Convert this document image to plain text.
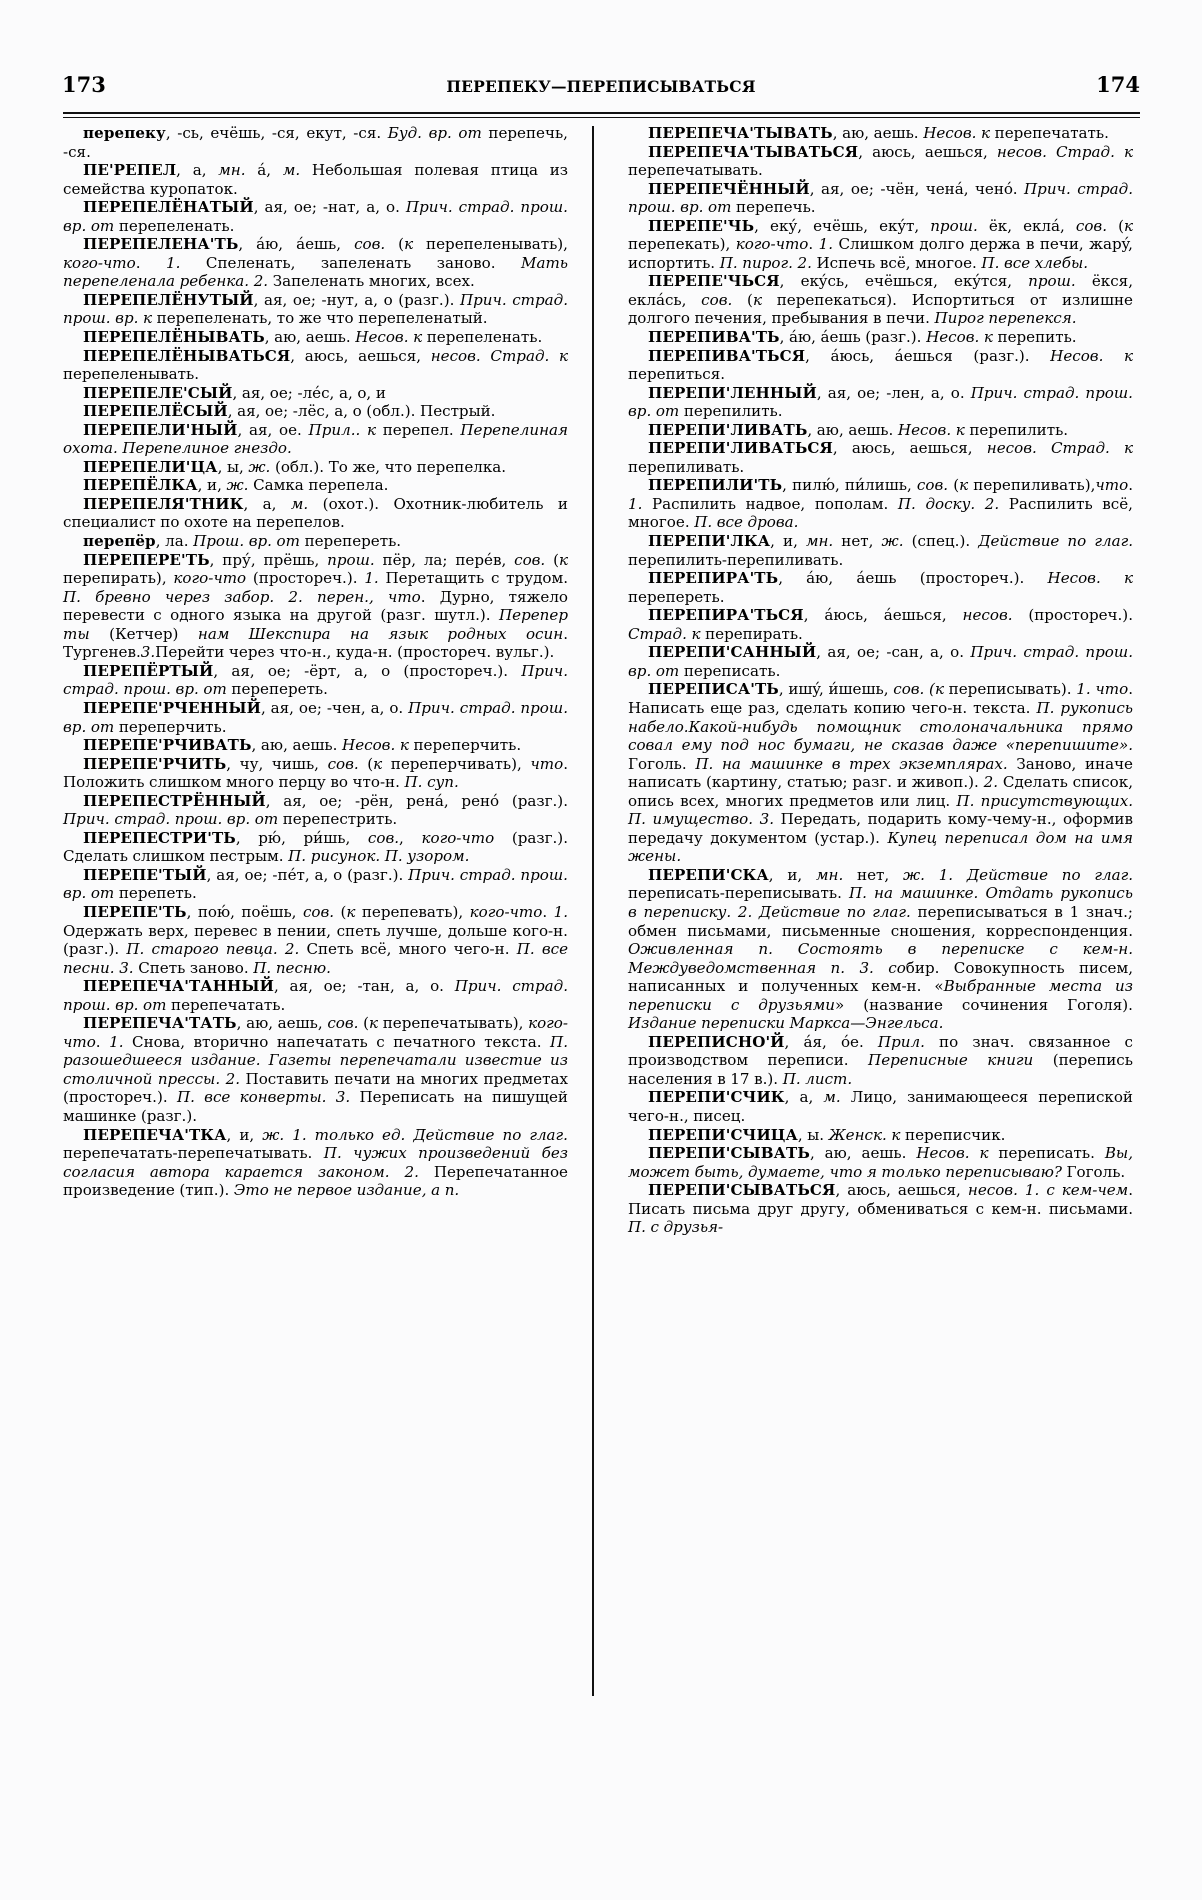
173	ПЕРЕПЕКУ—ПЕРЕПИСЫВАТЬСЯ	174

перепеку, -сь, ечёшь, -ся, екут, -ся. Буд. вр. от перепечь, -ся.

ПЕ'РЕПЕЛ, а, мн. á, м. Небольшая полевая птица из семейства куропаток.

ПЕРЕПЕЛЁНАТЫЙ, ая, ое; -нат, а, о. Прич. страд. прош. вр. от перепеленать.

ПЕРЕПЕЛЕНА'ТЬ, áю, áешь, сов. (к перепеленывать), кого-что. 1. Спеленать, запеленать заново. Мать перепеленала ребенка. 2. Запеленать многих, всех.

ПЕРЕПЕЛЁНУТЫЙ, ая, ое; -нут, а, о (разг.). Прич. страд. прош. вр. к перепеленать, то же что перепеленатый.

ПЕРЕПЕЛЁНЫВАТЬ, аю, аешь. Несов. к перепеленать.

ПЕРЕПЕЛЁНЫВАТЬСЯ, аюсь, аешься, несов. Страд. к перепеленывать.

ПЕРЕПЕЛЕ'СЫЙ, ая, ое; -лéс, а, о, и

ПЕРЕПЕЛЁСЫЙ, ая, ое; -лёс, а, о (обл.). Пестрый.

ПЕРЕПЕЛИ'НЫЙ, ая, ое. Прил.. к перепел. Перепелиная охота. Перепелиное гнездо.

ПЕРЕПЕЛИ'ЦА, ы, ж. (обл.). То же, что перепелка.

ПЕРЕПЁЛКА, и, ж. Самка перепела.

ПЕРЕПЕЛЯ'ТНИК, а, м. (охот.). Охотник-любитель и специалист по охоте на перепелов.

перепёр, ла. Прош. вр. от перепереть.

ПЕРЕПЕРЕ'ТЬ, пру́, прёшь, прош. пёр, ла; перéв, сов. (к перепирать), кого-что (простореч.). 1. Перетащить с трудом. П. бревно через забор. 2. перен., что. Дурно, тяжело перевести с одного языка на другой (разг. шутл.). Перепер ты (Кетчер) нам Шекспира на язык родных осин. Тургенев.3.Перейти через что-н., куда-н. (простореч. вульг.).

ПЕРЕПЁРТЫЙ, ая, ое; -ёрт, а, о (простореч.). Прич. страд. прош. вр. от перепереть.

ПЕРЕПЕ'РЧЕННЫЙ, ая, ое; -чен, а, о. Прич. страд. прош. вр. от переперчить.

ПЕРЕПЕ'РЧИВАТЬ, аю, аешь. Несов. к переперчить.

ПЕРЕПЕ'РЧИТЬ, чу, чишь, сов. (к переперчивать), что. Положить слишком много перцу во что-н. П. суп.

ПЕРЕПЕСТРЁННЫЙ, ая, ое; -рён, ренá, ренó (разг.). Прич. страд. прош. вр. от перепестрить.

ПЕРЕПЕСТРИ'ТЬ, рю́, ри́шь, сов., кого-что (разг.). Сделать слишком пестрым. П. рисунок. П. узором.

ПЕРЕПЕ'ТЫЙ, ая, ое; -пéт, а, о (разг.). Прич. страд. прош. вр. от перепеть.

ПЕРЕПЕ'ТЬ, пою́, поёшь, сов. (к перепевать), кого-что. 1. Одержать верх, перевес в пении, спеть лучше, дольше кого-н. (разг.). П. старого певца. 2. Спеть всё, много чего-н. П. все песни. 3. Спеть заново. П. песню.

ПЕРЕПЕЧА'ТАННЫЙ, ая, ое; -тан, а, о. Прич. страд. прош. вр. от перепечатать.

ПЕРЕПЕЧА'ТАТЬ, аю, аешь, сов. (к перепечатывать), кого-что. 1. Снова, вторично напечатать с печатного текста. П. разошедшееся издание. Газеты перепечатали известие из столичной прессы. 2. Поставить печати на многих предметах (простореч.). П. все конверты. 3. Переписать на пишущей машинке (разг.).

ПЕРЕПЕЧА'ТКА, и, ж. 1. только ед. Действие по глаг. перепечатать-перепечатывать. П. чужих произведений без согласия автора карается законом. 2. Перепечатанное произведение (тип.). Это не первое издание, а п.

ПЕРЕПЕЧА'ТЫВАТЬ, аю, аешь. Несов. к перепечатать.

ПЕРЕПЕЧА'ТЫВАТЬСЯ, аюсь, аешься, несов. Страд. к перепечатывать.

ПЕРЕПЕЧЁННЫЙ, ая, ое; -чён, ченá, ченó. Прич. страд. прош. вр. от перепечь.

ПЕРЕПЕ'ЧЬ, еку́, ечёшь, екýт, прош. ёк, еклá, сов. (к перепекать), кого-что. 1. Слишком долго держа в печи, жарý, испортить. П. пирог. 2. Испечь всё, многое. П. все хлебы.

ПЕРЕПЕ'ЧЬСЯ, екýсь, ечёшься, екýтся, прош. ёкся, еклáсь, сов. (к перепекаться). Испортиться от излишне долгого печения, пребывания в печи. Пирог перепекся.

ПЕРЕПИВА'ТЬ, áю, áешь (разг.). Несов. к перепить.

ПЕРЕПИВА'ТЬСЯ, áюсь, áешься (разг.). Несов. к перепиться.

ПЕРЕПИ'ЛЕННЫЙ, ая, ое; -лен, а, о. Прич. страд. прош. вр. от перепилить.

ПЕРЕПИ'ЛИВАТЬ, аю, аешь. Несов. к перепилить.

ПЕРЕПИ'ЛИВАТЬСЯ, аюсь, аешься, несов. Страд. к перепиливать.

ПЕРЕПИЛИ'ТЬ, пилю́, пи́лишь, сов. (к перепиливать),что. 1. Распилить надвое, пополам. П. доску. 2. Распилить всё, многое. П. все дрова.

ПЕРЕПИ'ЛКА, и, мн. нет, ж. (спец.). Действие по глаг. перепилить-перепиливать.

ПЕРЕПИРА'ТЬ, áю, áешь (простореч.). Несов. к перепереть.

ПЕРЕПИРА'ТЬСЯ, áюсь, áешься, несов. (простореч.). Страд. к перепирать.

ПЕРЕПИ'САННЫЙ, ая, ое; -сан, а, о. Прич. страд. прош. вр. от переписать.

ПЕРЕПИСА'ТЬ, ишý, и́шешь, сов. (к переписывать). 1. что. Написать еще раз, сделать копию чего-н. текста. П. рукопись набело.Какой-нибудь помощник столоначальника прямо совал ему под нос бумаги, не сказав даже «перепишите». Гоголь. П. на машинке в трех экземплярах. Заново, иначе написать (картину, статью; разг. и живоп.). 2. Сделать список, опись всех, многих предметов или лиц. П. присутствующих. П. имущество. 3. Передать, подарить кому-чему-н., оформив передачу документом (устар.). Купец переписал дом на имя жены.

ПЕРЕПИ'СКА, и, мн. нет, ж. 1. Действие по глаг. переписать-переписывать. П. на машинке. Отдать рукопись в переписку. 2. Действие по глаг. переписываться в 1 знач.; обмен письмами, письменные сношения, корреспонденция. Оживленная п. Состоять в переписке с кем-н. Междуведомственная п. 3. собир. Совокупность писем, написанных и полученных кем-н. «Выбранные места из переписки с друзьями» (название сочинения Гоголя). Издание переписки Маркса—Энгельса.

ПЕРЕПИСНО'Й, áя, óе. Прил. по знач. связанное с производством переписи. Переписные книги (перепись населения в 17 в.). П. лист.

ПЕРЕПИ'СЧИК, а, м. Лицо, занимающееся перепиской чего-н., писец.

ПЕРЕПИ'СЧИЦА, ы. Женск. к переписчик.

ПЕРЕПИ'СЫВАТЬ, аю, аешь. Несов. к переписать. Вы, может быть, думаете, что я только переписываю? Гоголь.

ПЕРЕПИ'СЫВАТЬСЯ, аюсь, аешься, несов. 1. с кем-чем. Писать письма друг другу, обмениваться с кем-н. письмами. П. с друзья-
